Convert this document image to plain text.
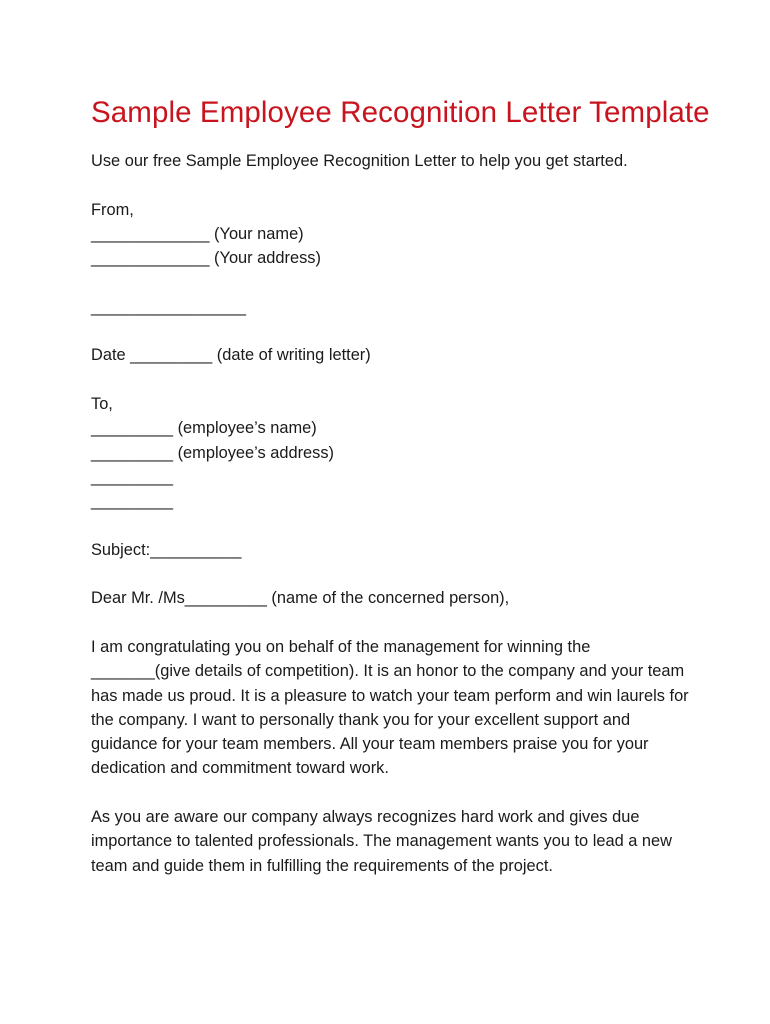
Sample Employee Recognition Letter Template

Use our free Sample Employee Recognition Letter to help you get started.

From,

_____________ (Your name)

_____________ (Your address)

_________________

Date _________ (date of writing letter)

To,

_________ (employee’s name)

_________ (employee’s address)

_________

_________

Subject:__________

Dear Mr. /Ms_________ (name of the concerned person),

I am congratulating you on behalf of the management for winning the _______(give details of competition). It is an honor to the company and your team has made us proud. It is a pleasure to watch your team perform and win laurels for the company. I want to personally thank you for your excellent support and guidance for your team members. All your team members praise you for your dedication and commitment toward work.

As you are aware our company always recognizes hard work and gives due importance to talented professionals. The management wants you to lead a new team and guide them in fulfilling the requirements of the project.
